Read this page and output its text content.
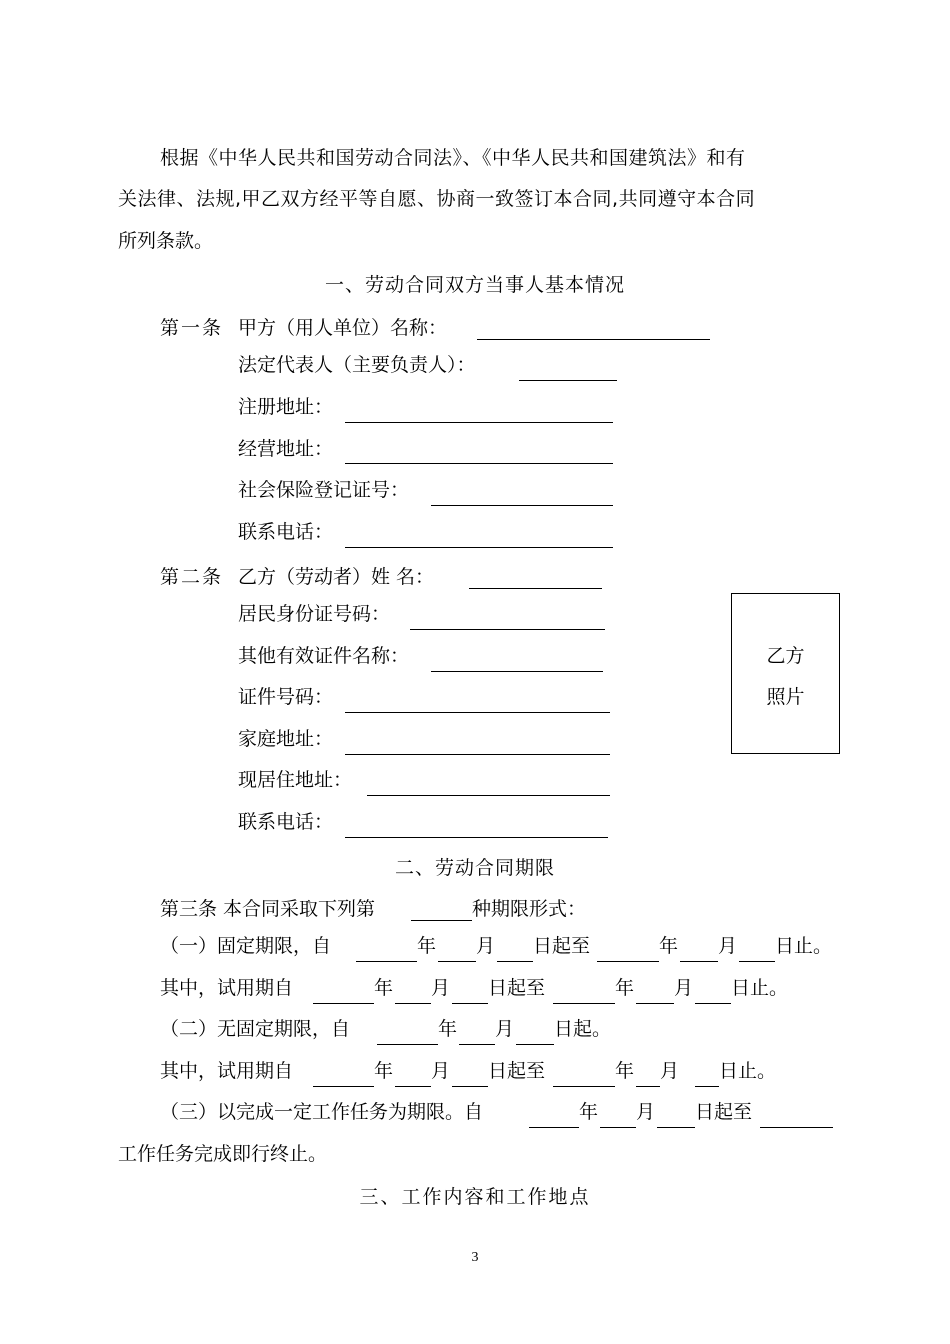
根据《中华人民共和国劳动合同法》、《中华人民共和国建筑法》和有
关法律、法规,甲乙双方经平等自愿、协商一致签订本合同,共同遵守本合同
所列条款。
一、劳动合同双方当事人基本情况
第一条 甲方（用人单位）名称：
法定代表人（主要负责人）：
注册地址：
经营地址：
社会保险登记证号：
联系电话：
第二条 乙方（劳动者）姓 名：
居民身份证号码：
其他有效证件名称：
证件号码：
家庭地址：
现居住地址：
联系电话：
乙方
照片
二、劳动合同期限
第三条 本合同采取下列第	种期限形式：
（一）固定期限，自	年 月 日起至	年 月 日止。
其中，试用期自	年 月 日起至	年 月 日止。
（二）无固定期限，自	年 月 日起。
其中，试用期自	年 月 日起至	年 月 日止。
（三）以完成一定工作任务为期限。自	年 月 日起至
工作任务完成即行终止。
三、工作内容和工作地点
3
